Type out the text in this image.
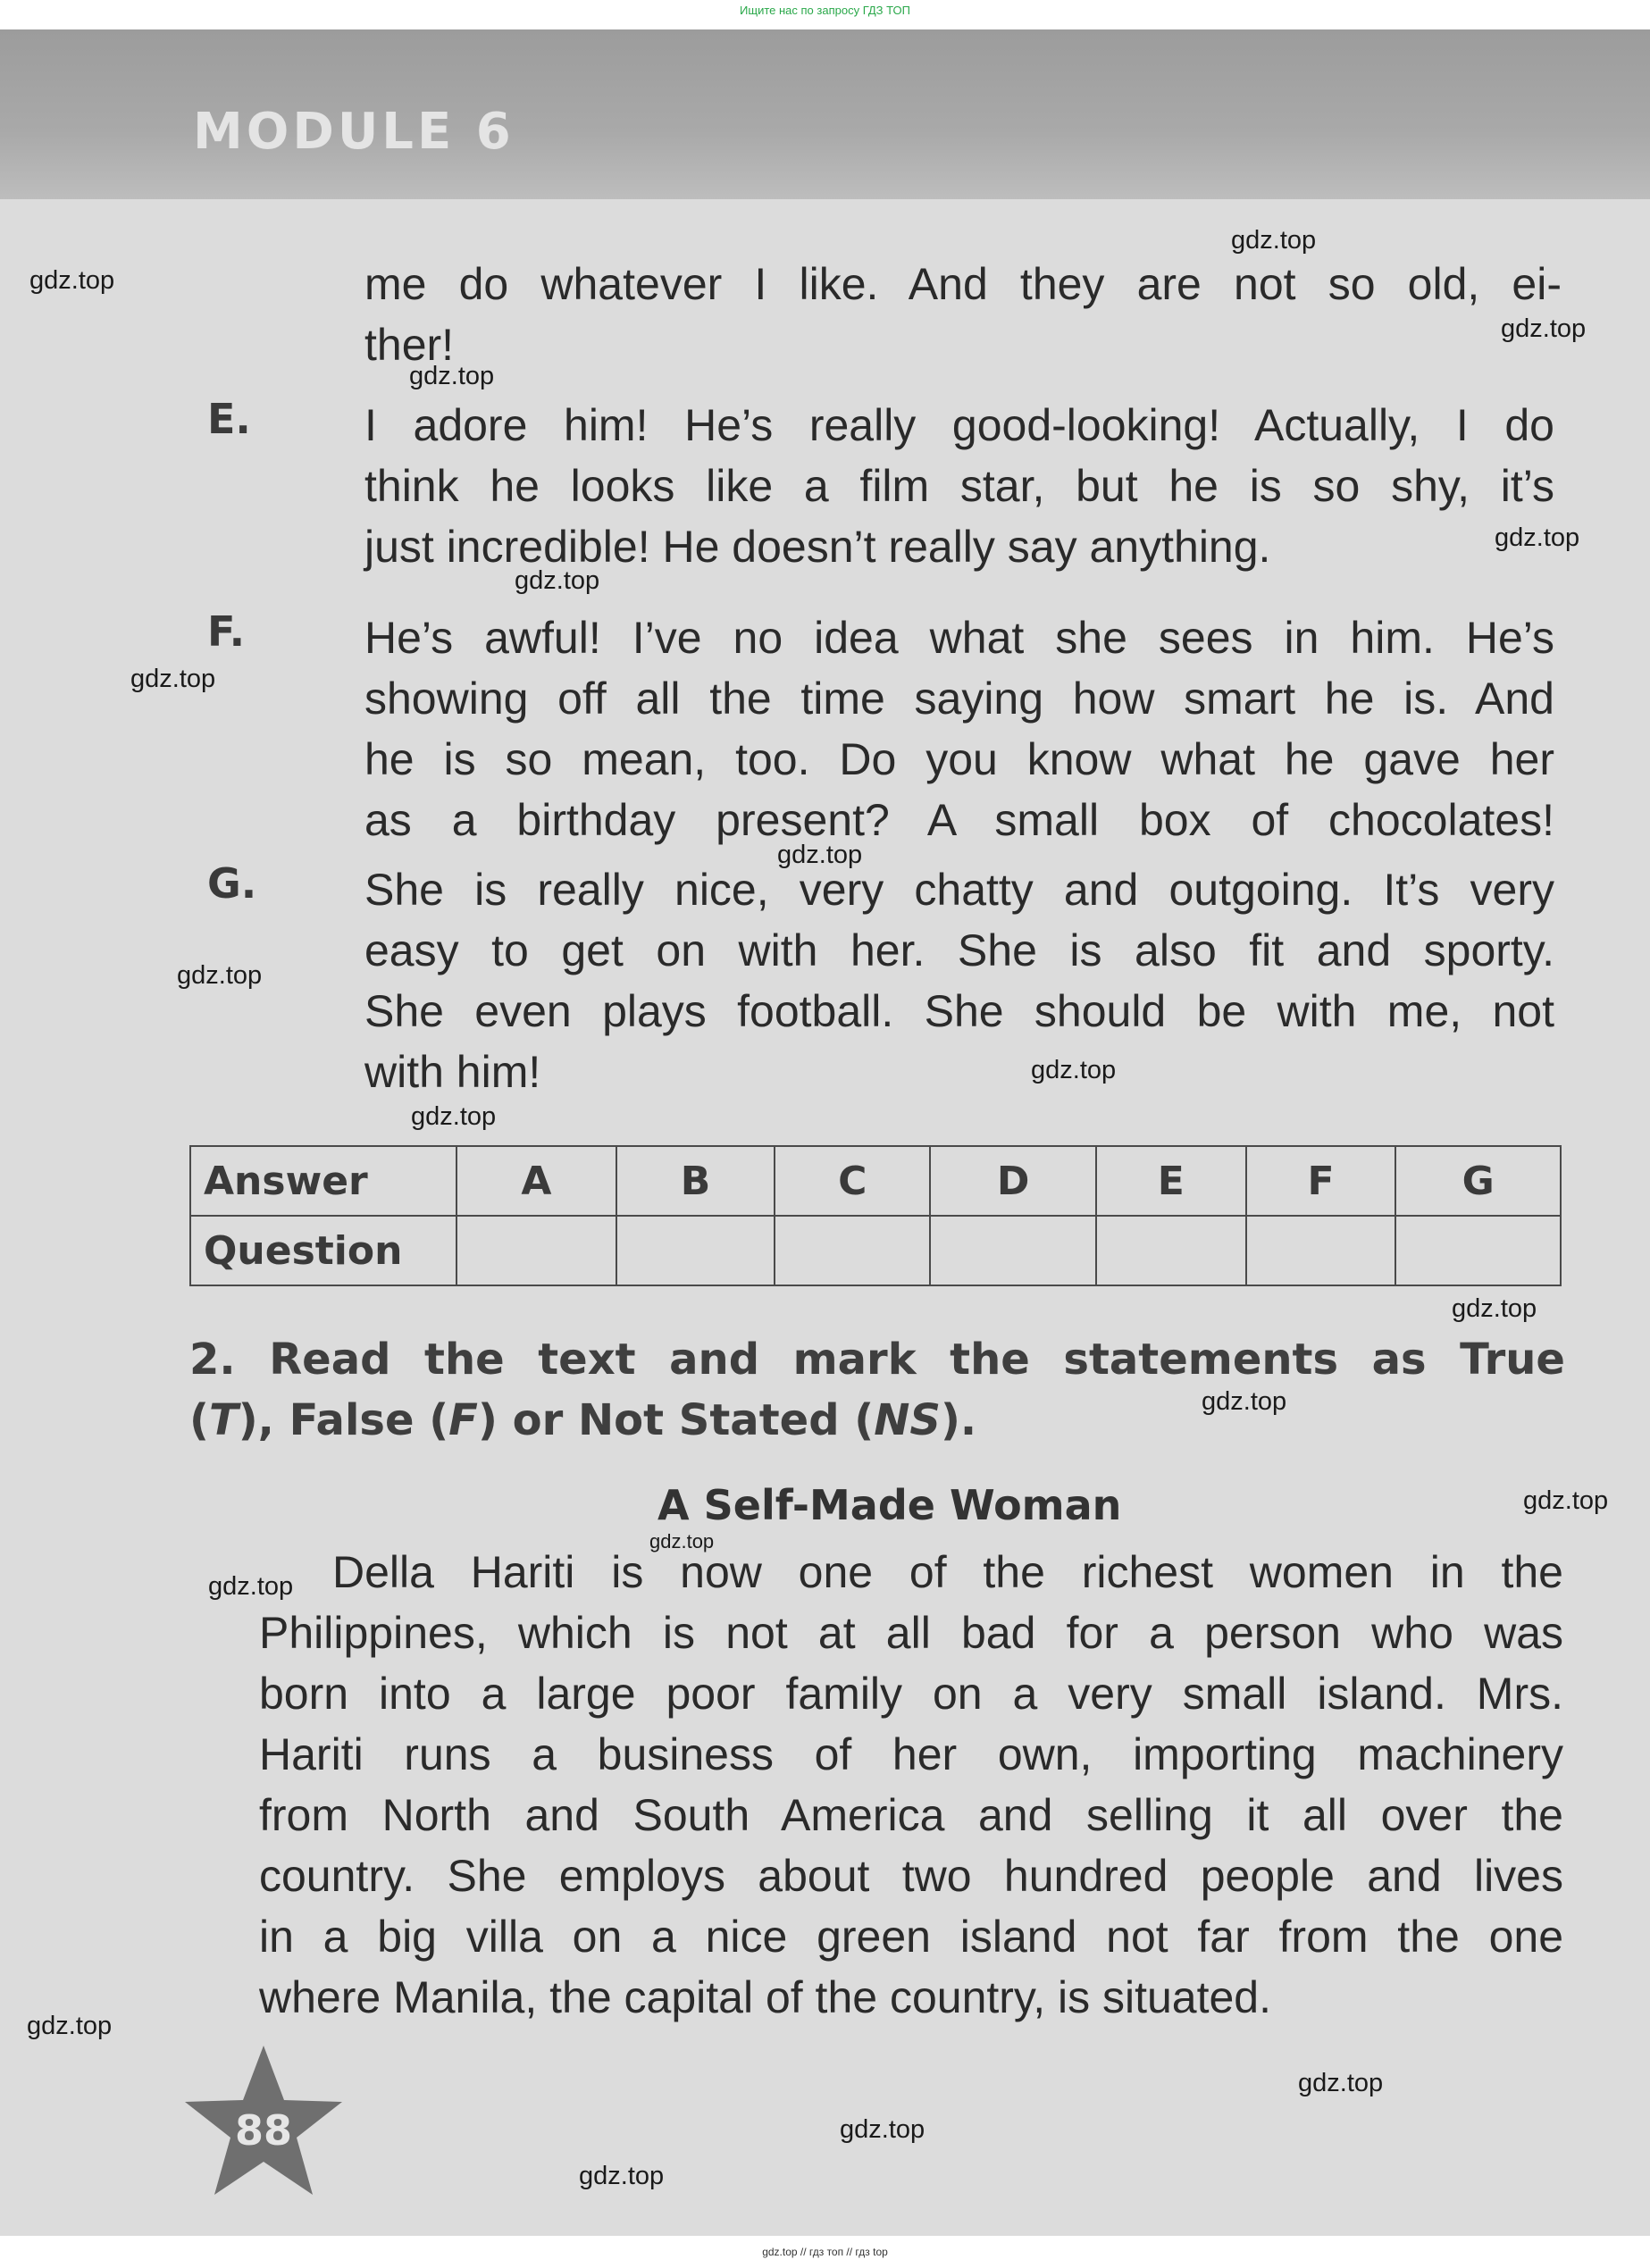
Ищите нас по запросу ГДЗ ТОП
MODULE 6
me do whatever I like. And they are not so old, ei-
ther!
E.	I adore him! He’s really good-looking! Actually, I do
think he looks like a film star, but he is so shy, it’s
just incredible! He doesn’t really say anything.
F.	He’s awful! I’ve no idea what she sees in him. He’s
showing off all the time saying how smart he is. And
he is so mean, too. Do you know what he gave her
as a birthday present? A small box of chocolates!
G. She is really nice, very chatty and outgoing. It’s very
easy to get on with her. She is also fit and sporty.
She even plays football. She should be with me, not
with him!
Answer	A	B	C	D	E	F	G
Question							
2. Read the text and mark the statements as True
(T), False (F) or Not Stated (NS).
A Self-Made Woman
Della Hariti is now one of the richest women in the
Philippines, which is not at all bad for a person who was
born into a large poor family on a very small island. Mrs.
Hariti runs a business of her own, importing machinery
from North and South America and selling it all over the
country. She employs about two hundred people and lives
in a big villa on a nice green island not far from the one
where Manila, the capital of the country, is situated.
88
gdz.top
gdz.top
gdz.top
gdz.top
gdz.top
gdz.top
gdz.top
gdz.top
gdz.top
gdz.top
gdz.top
gdz.top
gdz.top
gdz.top
gdz.top
gdz.top
gdz.top
gdz.top
gdz.top
gdz.top
gdz.top // гдз топ // гдз top
